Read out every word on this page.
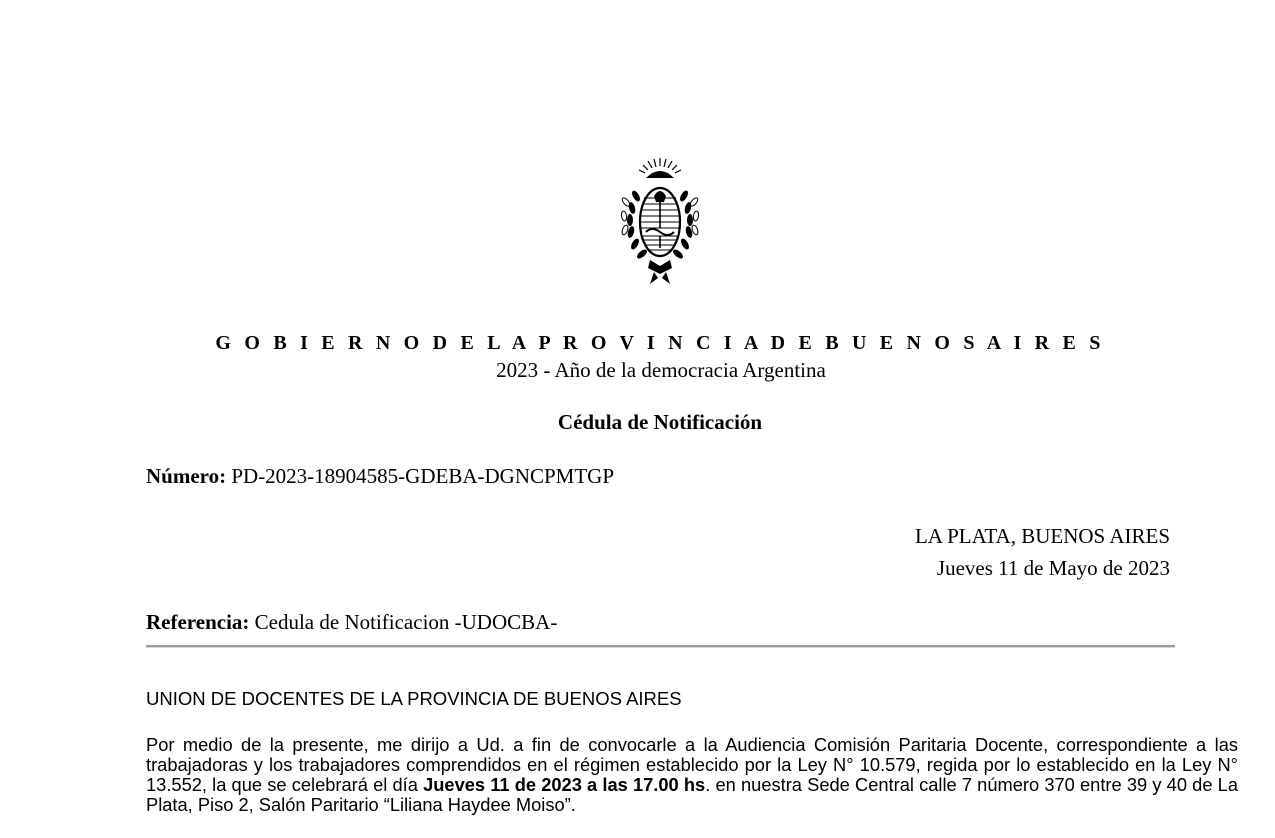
G O B I E R N O D E L A P R O V I N C I A D E B U E N O S A I R E S
2023 - Año de la democracia Argentina
Cédula de Notificación
Número: PD-2023-18904585-GDEBA-DGNCPMTGP
LA PLATA, BUENOS AIRES
Jueves 11 de Mayo de 2023
Referencia: Cedula de Notificacion -UDOCBA-
UNION DE DOCENTES DE LA PROVINCIA DE BUENOS AIRES
Por medio de la presente, me dirijo a Ud. a fin de convocarle a la Audiencia Comisión Paritaria Docente, correspondiente a las trabajadoras y los trabajadores comprendidos en el régimen establecido por la Ley N° 10.579, regida por lo establecido en la Ley N° 13.552, la que se celebrará el día Jueves 11 de 2023 a las 17.00 hs. en nuestra Sede Central calle 7 número 370 entre 39 y 40 de La Plata, Piso 2, Salón Paritario “Liliana Haydee Moiso”.
